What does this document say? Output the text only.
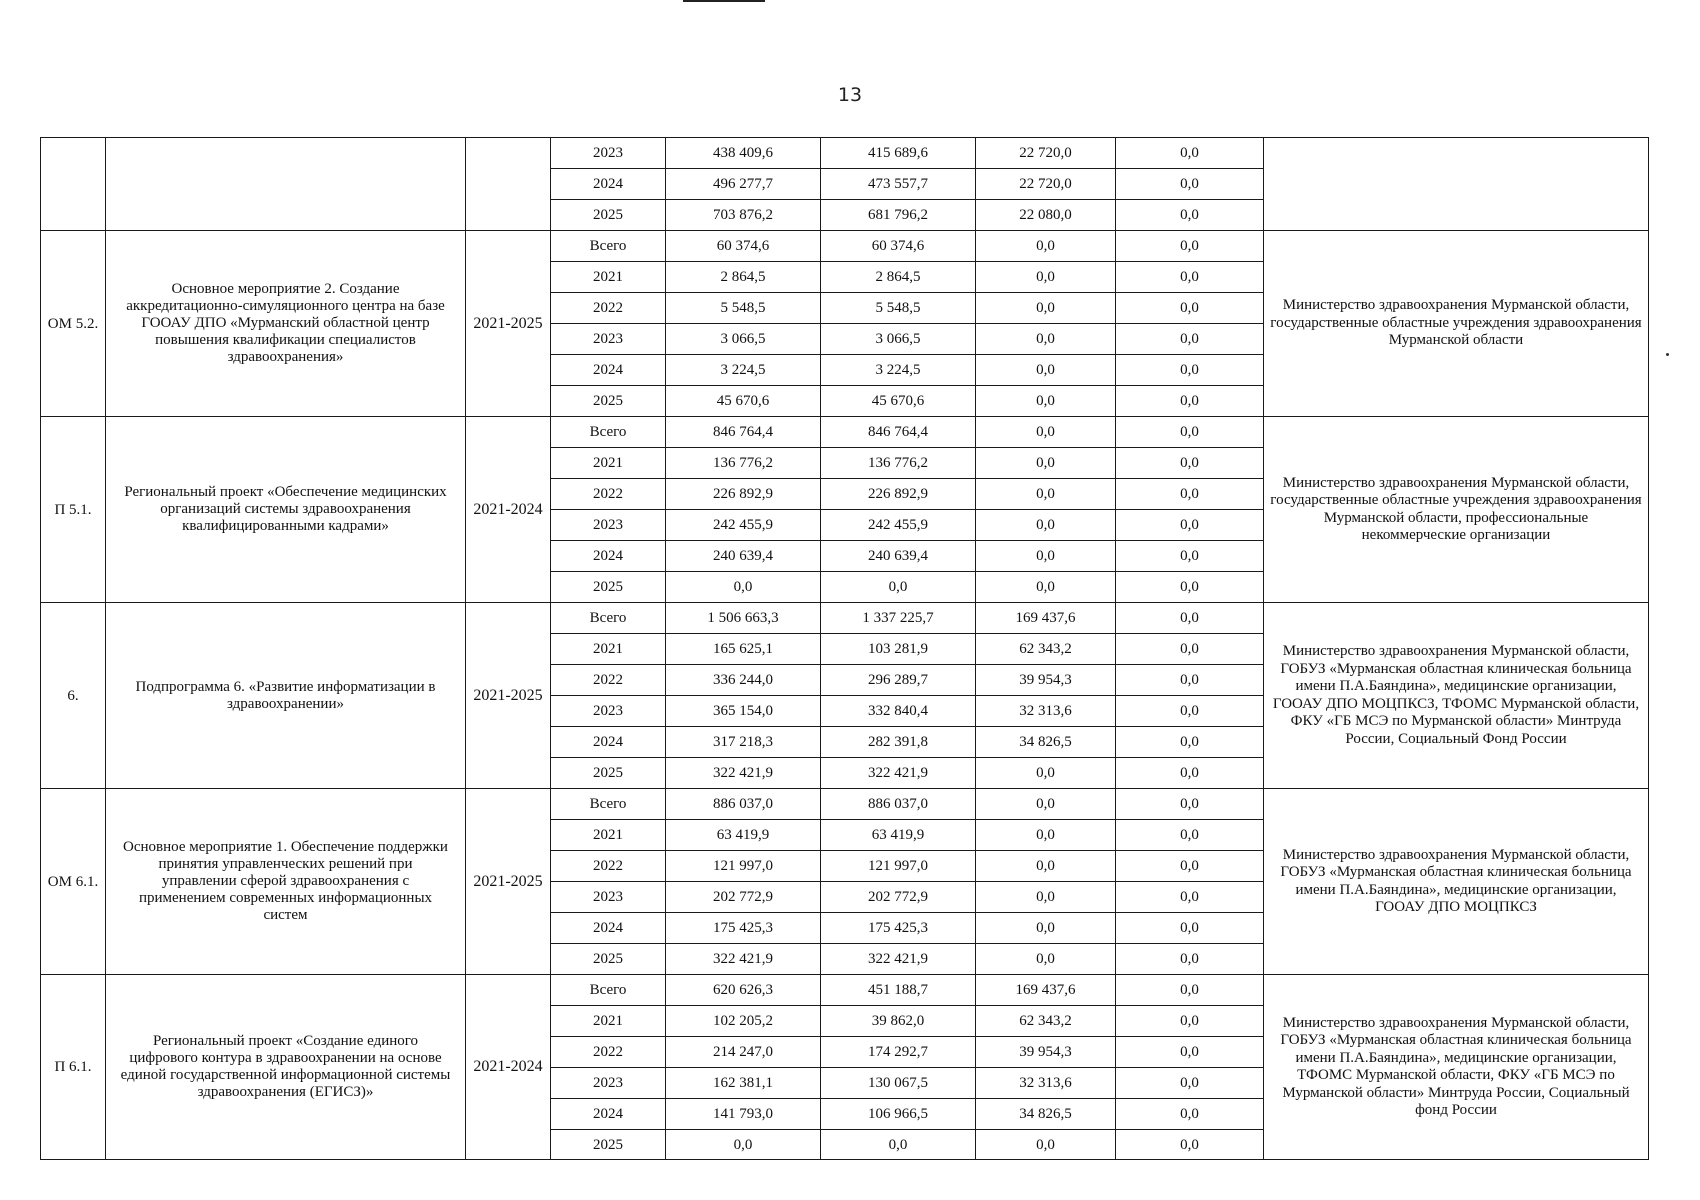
13
			2023	438 409,6	415 689,6	22 720,0	0,0	
			2024	496 277,7	473 557,7	22 720,0	0,0	
			2025	703 876,2	681 796,2	22 080,0	0,0	
ОМ 5.2.	Основное мероприятие 2. Создание аккредитационно-симуляционного центра на базе ГООАУ ДПО «Мурманский областной центр повышения квалификации специалистов здравоохранения»	2021-2025	Всего	60 374,6	60 374,6	0,0	0,0	Министерство здравоохранения Мурманской области, государственные областные учреждения здравоохранения Мурманской области
			2021	2 864,5	2 864,5	0,0	0,0	
			2022	5 548,5	5 548,5	0,0	0,0	
			2023	3 066,5	3 066,5	0,0	0,0	
			2024	3 224,5	3 224,5	0,0	0,0	
			2025	45 670,6	45 670,6	0,0	0,0	
П 5.1.	Региональный проект «Обеспечение медицинских организаций системы здравоохранения квалифицированными кадрами»	2021-2024	Всего	846 764,4	846 764,4	0,0	0,0	Министерство здравоохранения Мурманской области, государственные областные учреждения здравоохранения Мурманской области, профессиональные некоммерческие организации
			2021	136 776,2	136 776,2	0,0	0,0	
			2022	226 892,9	226 892,9	0,0	0,0	
			2023	242 455,9	242 455,9	0,0	0,0	
			2024	240 639,4	240 639,4	0,0	0,0	
			2025	0,0	0,0	0,0	0,0	
6.	Подпрограмма 6. «Развитие информатизации в здравоохранении»	2021-2025	Всего	1 506 663,3	1 337 225,7	169 437,6	0,0	Министерство здравоохранения Мурманской области, ГОБУЗ «Мурманская областная клиническая больница имени П.А.Баяндина», медицинские организации, ГООАУ ДПО МОЦПКСЗ, ТФОМС Мурманской области, ФКУ «ГБ МСЭ по Мурманской области» Минтруда России, Социальный Фонд России
			2021	165 625,1	103 281,9	62 343,2	0,0	
			2022	336 244,0	296 289,7	39 954,3	0,0	
			2023	365 154,0	332 840,4	32 313,6	0,0	
			2024	317 218,3	282 391,8	34 826,5	0,0	
			2025	322 421,9	322 421,9	0,0	0,0	
ОМ 6.1.	Основное мероприятие 1. Обеспечение поддержки принятия управленческих решений при управлении сферой здравоохранения с применением современных информационных систем	2021-2025	Всего	886 037,0	886 037,0	0,0	0,0	Министерство здравоохранения Мурманской области, ГОБУЗ «Мурманская областная клиническая больница имени П.А.Баяндина», медицинские организации, ГООАУ ДПО МОЦПКСЗ
			2021	63 419,9	63 419,9	0,0	0,0	
			2022	121 997,0	121 997,0	0,0	0,0	
			2023	202 772,9	202 772,9	0,0	0,0	
			2024	175 425,3	175 425,3	0,0	0,0	
			2025	322 421,9	322 421,9	0,0	0,0	
П 6.1.	Региональный проект «Создание единого цифрового контура в здравоохранении на основе единой государственной информационной системы здравоохранения (ЕГИСЗ)»	2021-2024	Всего	620 626,3	451 188,7	169 437,6	0,0	Министерство здравоохранения Мурманской области, ГОБУЗ «Мурманская областная клиническая больница имени П.А.Баяндина», медицинские организации, ТФОМС Мурманской области, ФКУ «ГБ МСЭ по Мурманской области» Минтруда России, Социальный фонд России
			2021	102 205,2	39 862,0	62 343,2	0,0	
			2022	214 247,0	174 292,7	39 954,3	0,0	
			2023	162 381,1	130 067,5	32 313,6	0,0	
			2024	141 793,0	106 966,5	34 826,5	0,0	
			2025	0,0	0,0	0,0	0,0	
